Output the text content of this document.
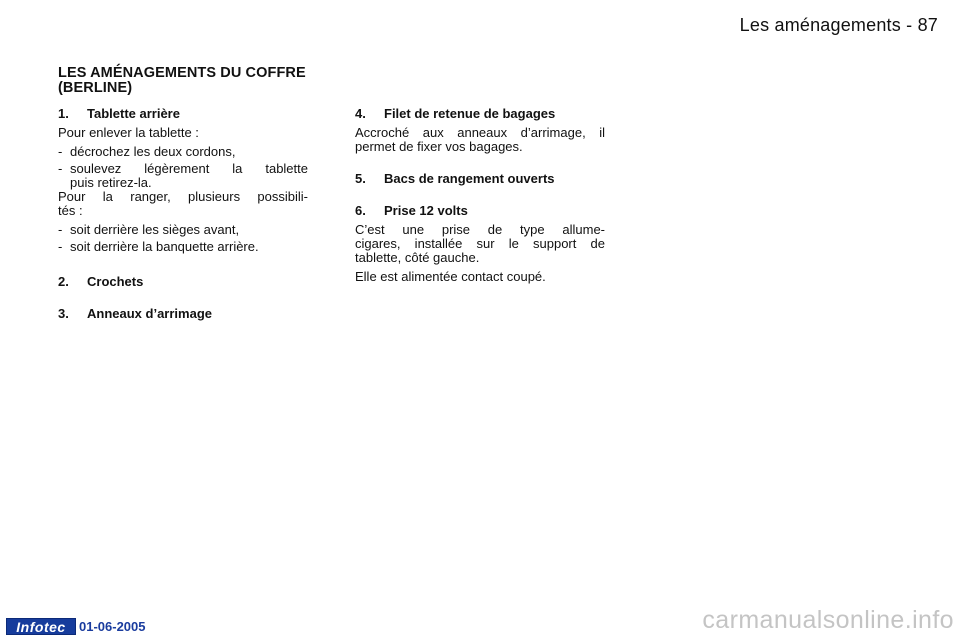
Les aménagements - 87
LES AMÉNAGEMENTS DU COFFRE (BERLINE)

1. Tablette arrière

Pour enlever la tablette :

- décrochez les deux cordons,
- soulevez légèrement la tablette

puis retirez-la.

Pour la ranger, plusieurs possibili-

tés :

- soit derrière les sièges avant,
- soit derrière la banquette arrière.

2. Crochets

3. Anneaux d’arrimage

4. Filet de retenue de bagages

Accroché aux anneaux d’arrimage, il

permet de fixer vos bagages.

5. Bacs de rangement ouverts

6. Prise 12 volts

C’est une prise de type allume-

cigares, installée sur le support de

tablette, côté gauche.

Elle est alimentée contact coupé.

Infotec	01-06-2005	carmanualsonline.info
